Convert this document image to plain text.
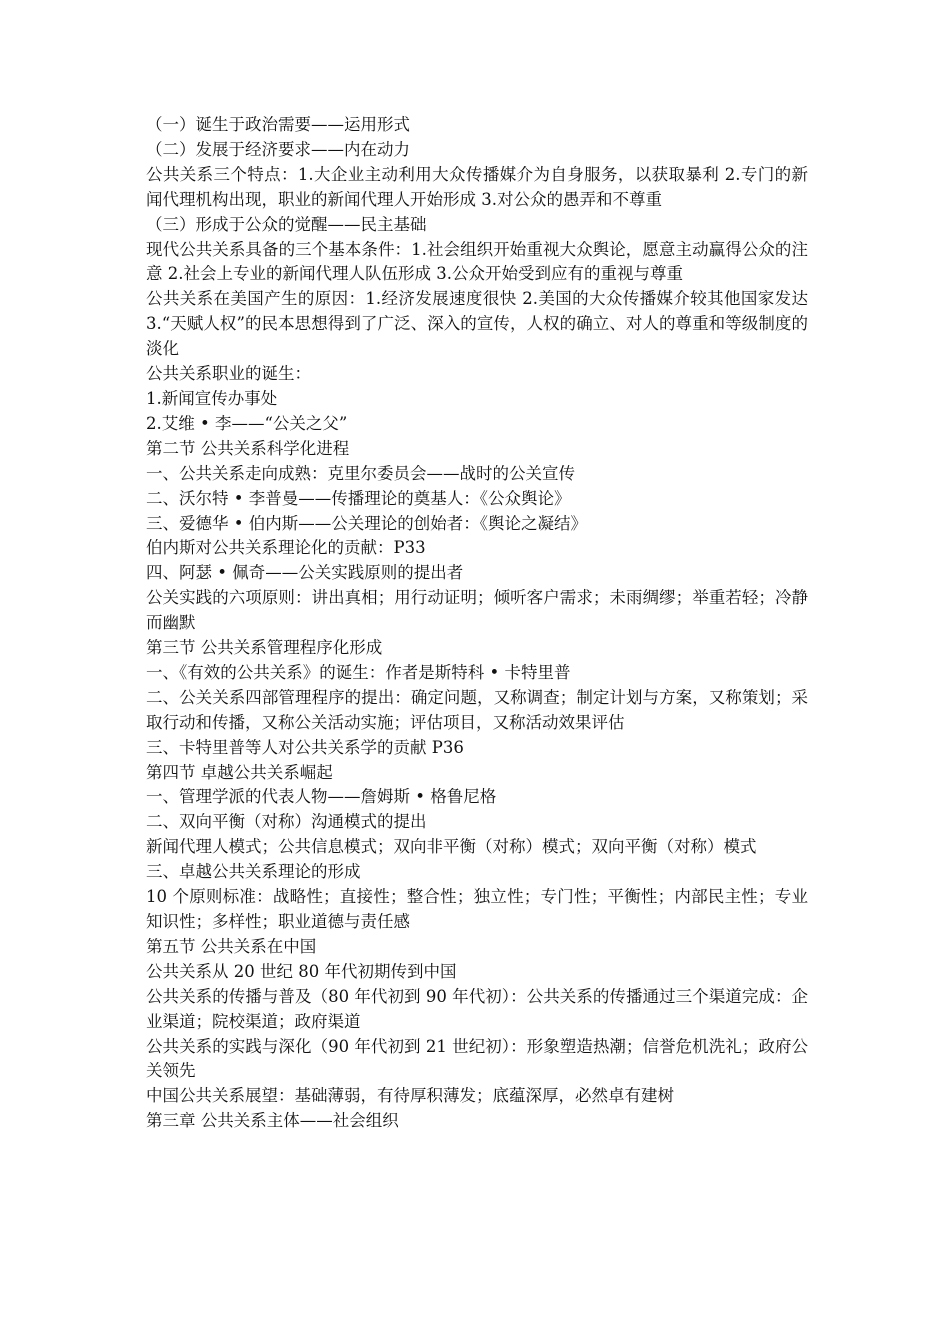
（一）诞生于政治需要——运用形式
（二）发展于经济要求——内在动力
公共关系三个特点：1.大企业主动利用大众传播媒介为自身服务，以获取暴利 2.专门的新闻代理机构出现，职业的新闻代理人开始形成 3.对公众的愚弄和不尊重
（三）形成于公众的觉醒——民主基础
现代公共关系具备的三个基本条件：1.社会组织开始重视大众舆论，愿意主动赢得公众的注意 2.社会上专业的新闻代理人队伍形成 3.公众开始受到应有的重视与尊重
公共关系在美国产生的原因：1.经济发展速度很快 2.美国的大众传播媒介较其他国家发达 3.“天赋人权”的民本思想得到了广泛、深入的宣传，人权的确立、对人的尊重和等级制度的淡化
公共关系职业的诞生：
1.新闻宣传办事处
2.艾维 • 李——“公关之父”
第二节 公共关系科学化进程
一、公共关系走向成熟：克里尔委员会——战时的公关宣传
二、沃尔特 • 李普曼——传播理论的奠基人：《公众舆论》
三、爱德华 • 伯内斯——公关理论的创始者：《舆论之凝结》
伯内斯对公共关系理论化的贡献：P33
四、阿瑟 • 佩奇——公关实践原则的提出者
公关实践的六项原则：讲出真相；用行动证明；倾听客户需求；未雨绸缪；举重若轻；冷静而幽默
第三节 公共关系管理程序化形成
一、《有效的公共关系》的诞生：作者是斯特科 • 卡特里普
二、公关关系四部管理程序的提出：确定问题，又称调查；制定计划与方案，又称策划；采取行动和传播，又称公关活动实施；评估项目，又称活动效果评估
三、卡特里普等人对公共关系学的贡献 P36
第四节 卓越公共关系崛起
一、管理学派的代表人物——詹姆斯 • 格鲁尼格
二、双向平衡（对称）沟通模式的提出
新闻代理人模式；公共信息模式；双向非平衡（对称）模式；双向平衡（对称）模式
三、卓越公共关系理论的形成
10 个原则标准：战略性；直接性；整合性；独立性；专门性；平衡性；内部民主性；专业知识性；多样性；职业道德与责任感
第五节 公共关系在中国
公共关系从 20 世纪 80 年代初期传到中国
公共关系的传播与普及（80 年代初到 90 年代初）：公共关系的传播通过三个渠道完成：企业渠道；院校渠道；政府渠道
公共关系的实践与深化（90 年代初到 21 世纪初）：形象塑造热潮；信誉危机洗礼；政府公关领先
中国公共关系展望：基础薄弱，有待厚积薄发；底蕴深厚，必然卓有建树
第三章 公共关系主体——社会组织
